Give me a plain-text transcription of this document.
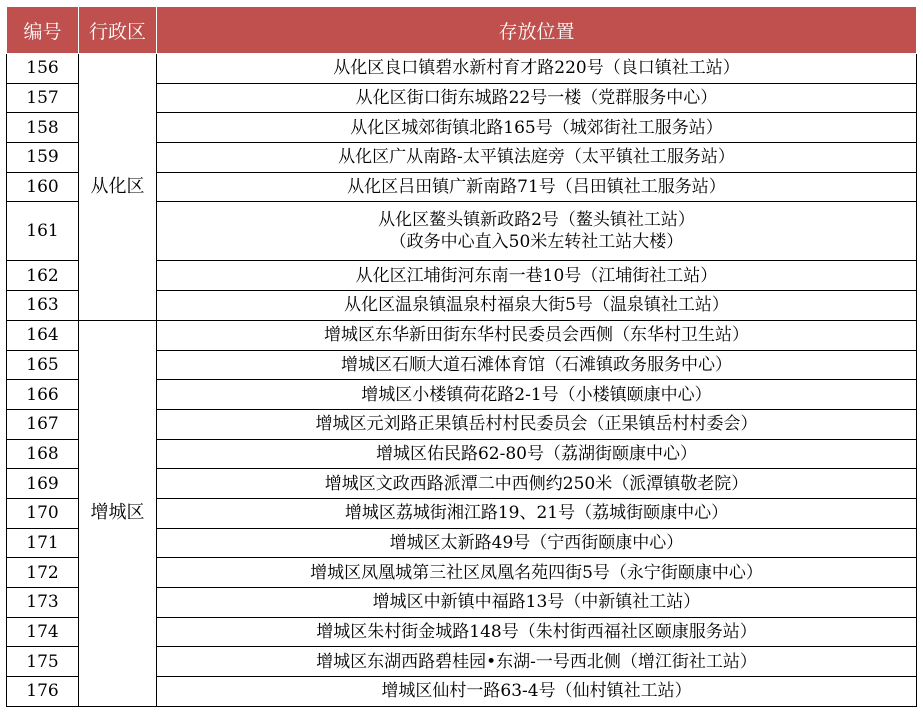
编号	行政区	存放位置
156	从化区	从化区良口镇碧水新村育才路220号（良口镇社工站）
157		从化区街口街东城路22号一楼（党群服务中心）
158		从化区城郊街镇北路165号（城郊街社工服务站）
159		从化区广从南路-太平镇法庭旁（太平镇社工服务站）
160		从化区吕田镇广新南路71号（吕田镇社工服务站）
161		从化区鳌头镇新政路2号（鳌头镇社工站）
（政务中心直入50米左转社工站大楼）

162		从化区江埔街河东南一巷10号（江埔街社工站）
163		从化区温泉镇温泉村福泉大街5号（温泉镇社工站）
164	增城区	增城区东华新田街东华村民委员会西侧（东华村卫生站）
165		增城区石顺大道石滩体育馆（石滩镇政务服务中心）
166		增城区小楼镇荷花路2-1号（小楼镇颐康中心）
167		增城区元刘路正果镇岳村村民委员会（正果镇岳村村委会）
168		增城区佑民路62-80号（荔湖街颐康中心）
169		增城区文政西路派潭二中西侧约250米（派潭镇敬老院）
170		增城区荔城街湘江路19、21号（荔城街颐康中心）
171		增城区太新路49号（宁西街颐康中心）
172		增城区凤凰城第三社区凤凰名苑四街5号（永宁街颐康中心）
173		增城区中新镇中福路13号（中新镇社工站）
174		增城区朱村街金城路148号（朱村街西福社区颐康服务站）
175		增城区东湖西路碧桂园•东湖-一号西北侧（增江街社工站）
176		增城区仙村一路63-4号（仙村镇社工站）
